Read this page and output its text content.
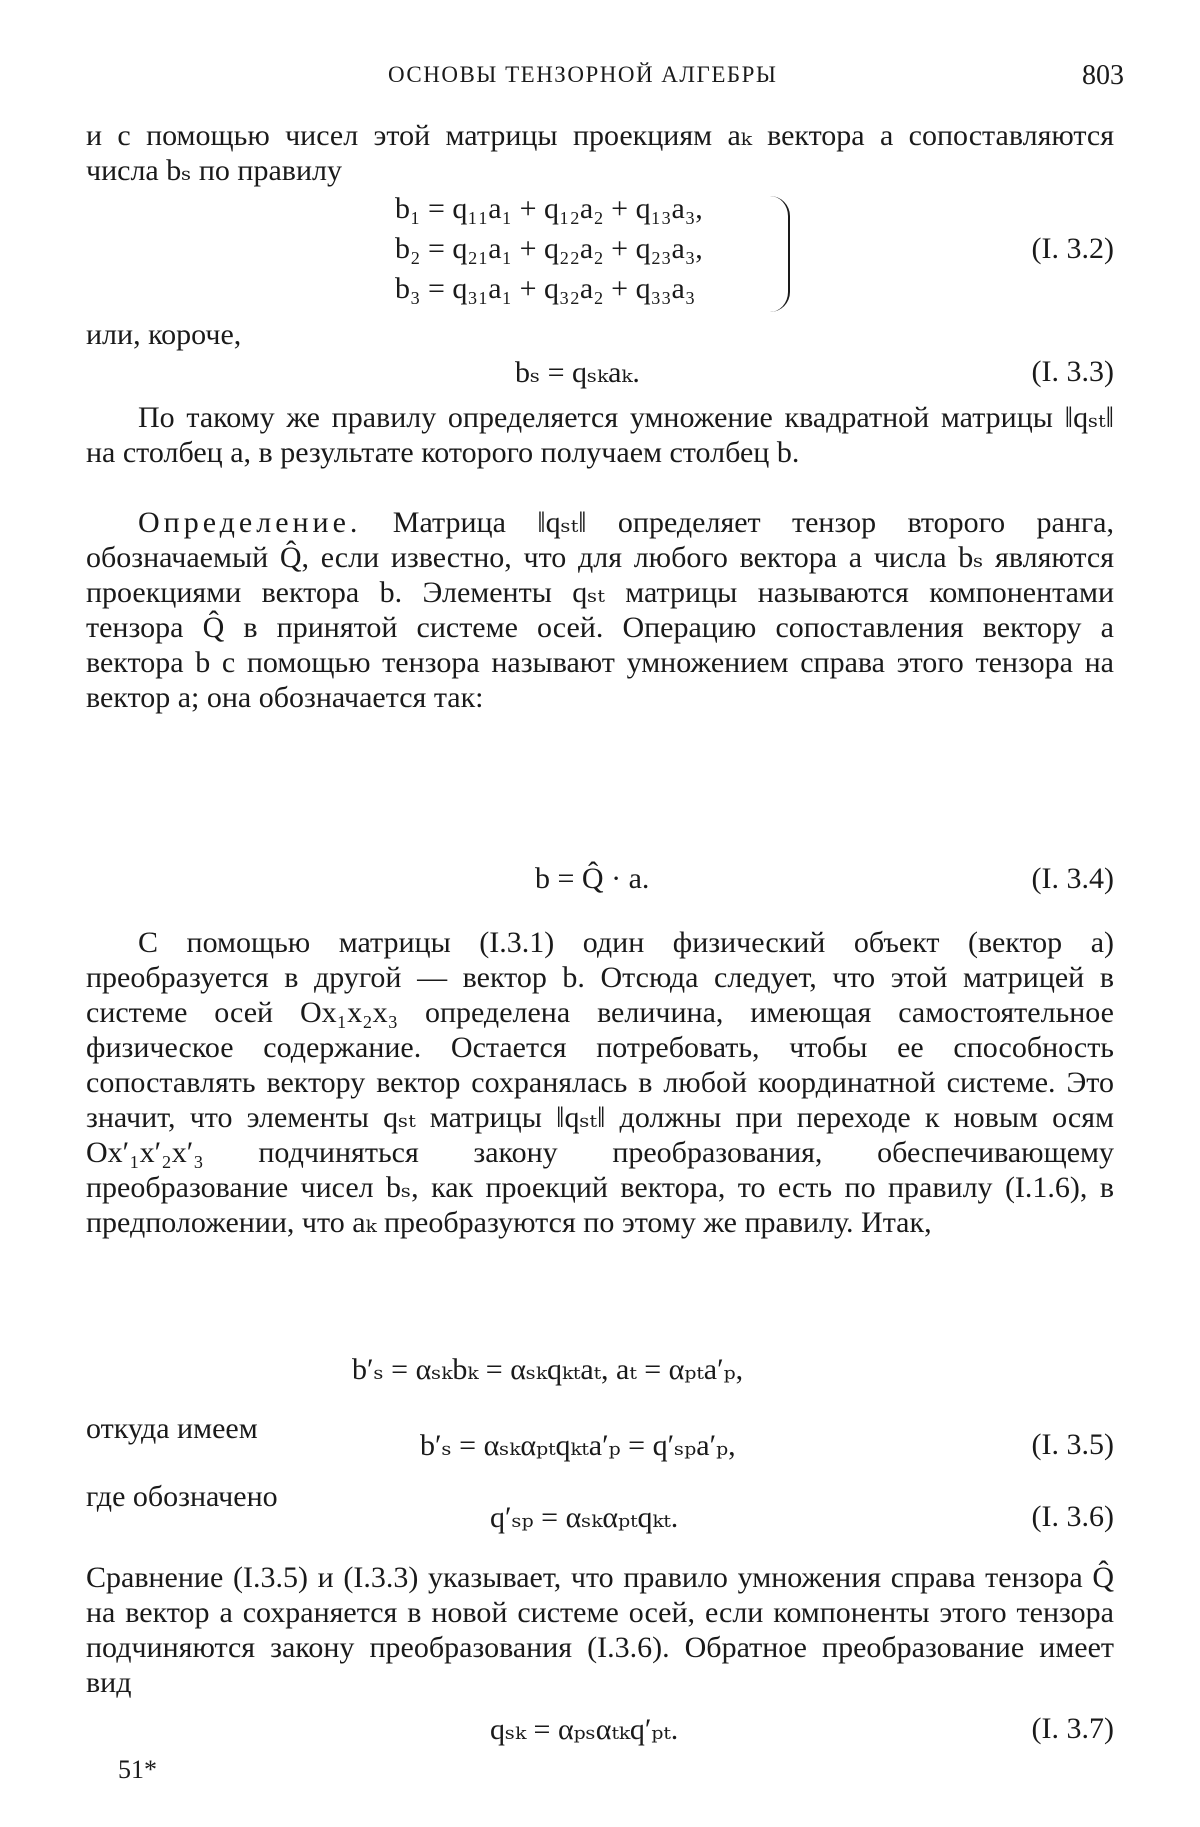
ОСНОВЫ ТЕНЗОРНОЙ АЛГЕБРЫ	803
и с помощью чисел этой матрицы проекциям aₖ вектора a сопоставляются числа bₛ по правилу
b₁ = q₁₁a₁ + q₁₂a₂ + q₁₃a₃,
b₂ = q₂₁a₁ + q₂₂a₂ + q₂₃a₃,
b₃ = q₃₁a₁ + q₃₂a₂ + q₃₃a₃
(I. 3.2)
или, короче,
bₛ = qₛₖaₖ.	(I. 3.3)
По такому же правилу определяется умножение квадратной матрицы ‖qₛₜ‖ на столбец a, в результате которого получаем столбец b.
Определение. Матрица ‖qₛₜ‖ определяет тензор второго ранга, обозначаемый Q̂, если известно, что для любого вектора a числа bₛ являются проекциями вектора b. Элементы qₛₜ матрицы называются компонентами тензора Q̂ в принятой системе осей. Операцию сопоставления вектору a вектора b с помощью тензора называют умножением справа этого тензора на вектор a; она обозначается так:
b = Q̂ · a.	(I. 3.4)
С помощью матрицы (I.3.1) один физический объект (вектор a) преобразуется в другой — вектор b. Отсюда следует, что этой матрицей в системе осей Ox₁x₂x₃ определена величина, имеющая самостоятельное физическое содержание. Остается потребовать, чтобы ее способность сопоставлять вектору вектор сохранялась в любой координатной системе. Это значит, что элементы qₛₜ матрицы ‖qₛₜ‖ должны при переходе к новым осям Ox′₁x′₂x′₃ подчиняться закону преобразования, обеспечивающему преобразование чисел bₛ, как проекций вектора, то есть по правилу (I.1.6), в предположении, что aₖ преобразуются по этому же правилу. Итак,
b′ₛ = αₛₖbₖ = αₛₖqₖₜaₜ, aₜ = αₚₜa′ₚ,
откуда имеем
b′ₛ = αₛₖαₚₜqₖₜa′ₚ = q′ₛₚa′ₚ,	(I. 3.5)
где обозначено
q′ₛₚ = αₛₖαₚₜqₖₜ.	(I. 3.6)
Сравнение (I.3.5) и (I.3.3) указывает, что правило умножения справа тензора Q̂ на вектор a сохраняется в новой системе осей, если компоненты этого тензора подчиняются закону преобразования (I.3.6). Обратное преобразование имеет вид
qₛₖ = αₚₛαₜₖq′ₚₜ.	(I. 3.7)
51*
